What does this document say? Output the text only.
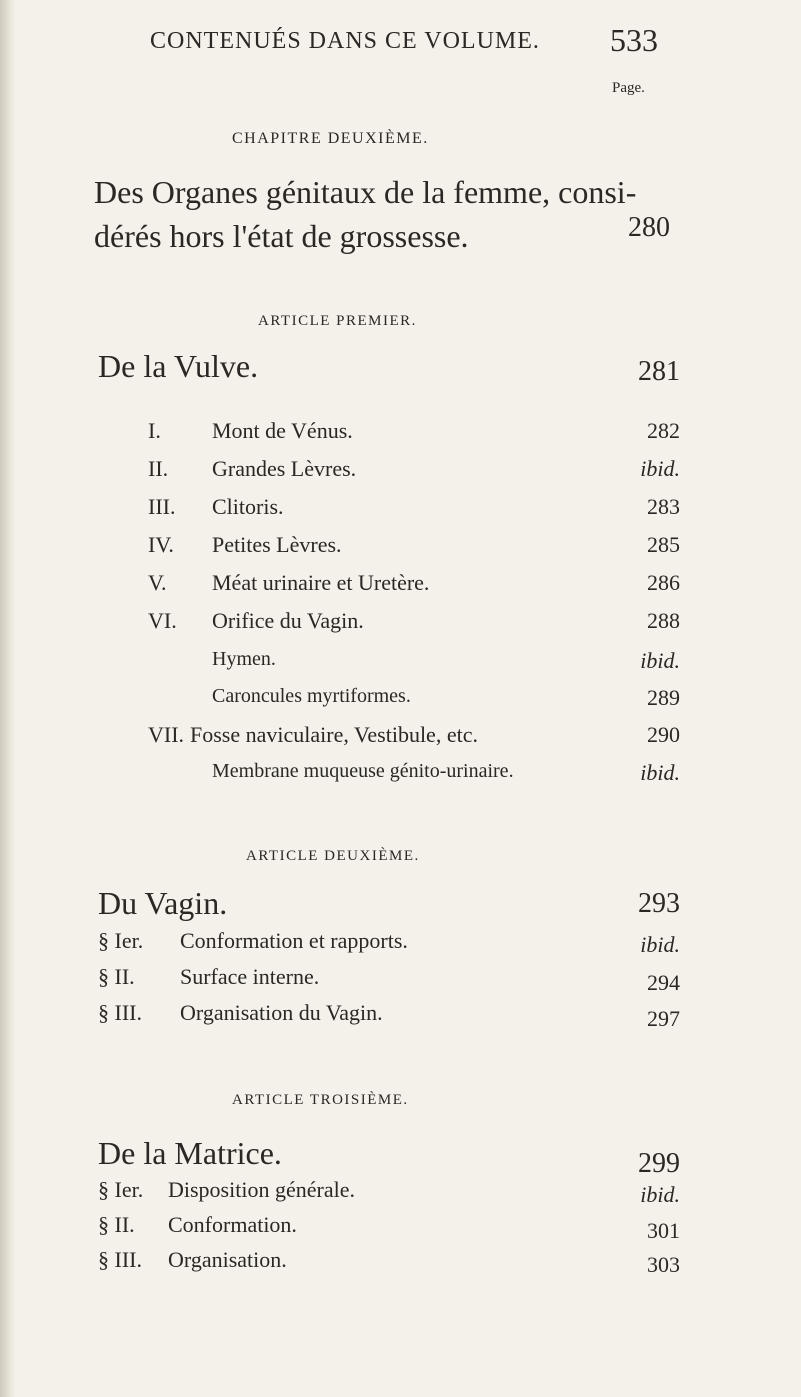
CONTENUÉS DANS CE VOLUME. 533
Page.
CHAPITRE DEUXIÈME.
Des Organes génitaux de la femme, consi-
dérés hors l'état de grossesse.	280
ARTICLE PREMIER.
De la Vulve.	281
I. Mont de Vénus.	282
II. Grandes Lèvres.	ibid.
III. Clitoris.	283
IV. Petites Lèvres.	285
V. Méat urinaire et Uretère.	286
VI. Orifice du Vagin.	288
Hymen.	ibid.
Caroncules myrtiformes.	289
VII. Fosse naviculaire, Vestibule, etc.	290
Membrane muqueuse génito-urinaire.	ibid.
ARTICLE DEUXIÈME.
Du Vagin.	293
§ Ier. Conformation et rapports.	ibid.
§ II. Surface interne.	294
§ III. Organisation du Vagin.	297
ARTICLE TROISIÈME.
De la Matrice.	299
§ Ier. Disposition générale.	ibid.
§ II. Conformation.	301
§ III. Organisation.	303
